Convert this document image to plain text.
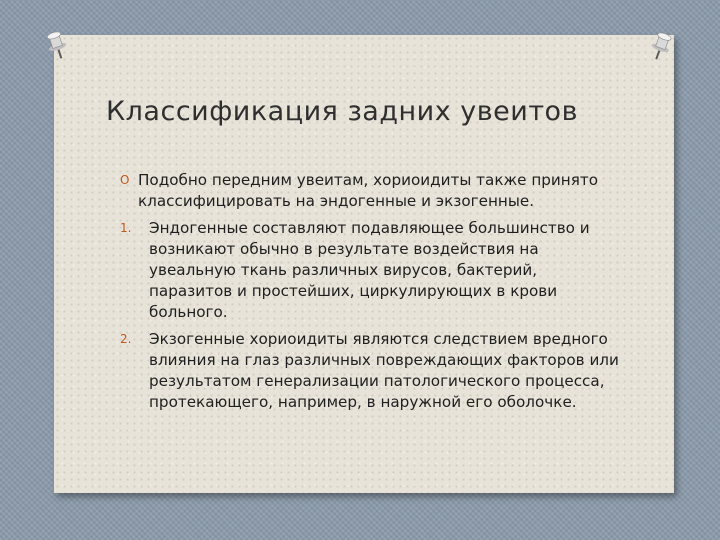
Классификация задних увеитов
O Подобно передним увеитам, хориоидиты также принято классифицировать на эндогенные и экзогенные.
1. Эндогенные составляют подавляющее большинство и возникают обычно в результате воздействия на увеальную ткань различных вирусов, бактерий, паразитов и простейших, циркулирующих в крови больного.
2. Экзогенные хориоидиты являются следствием вредного влияния на глаз различных повреждающих факторов или результатом генерализации патологического процесса, протекающего, например, в наружной его оболочке.
